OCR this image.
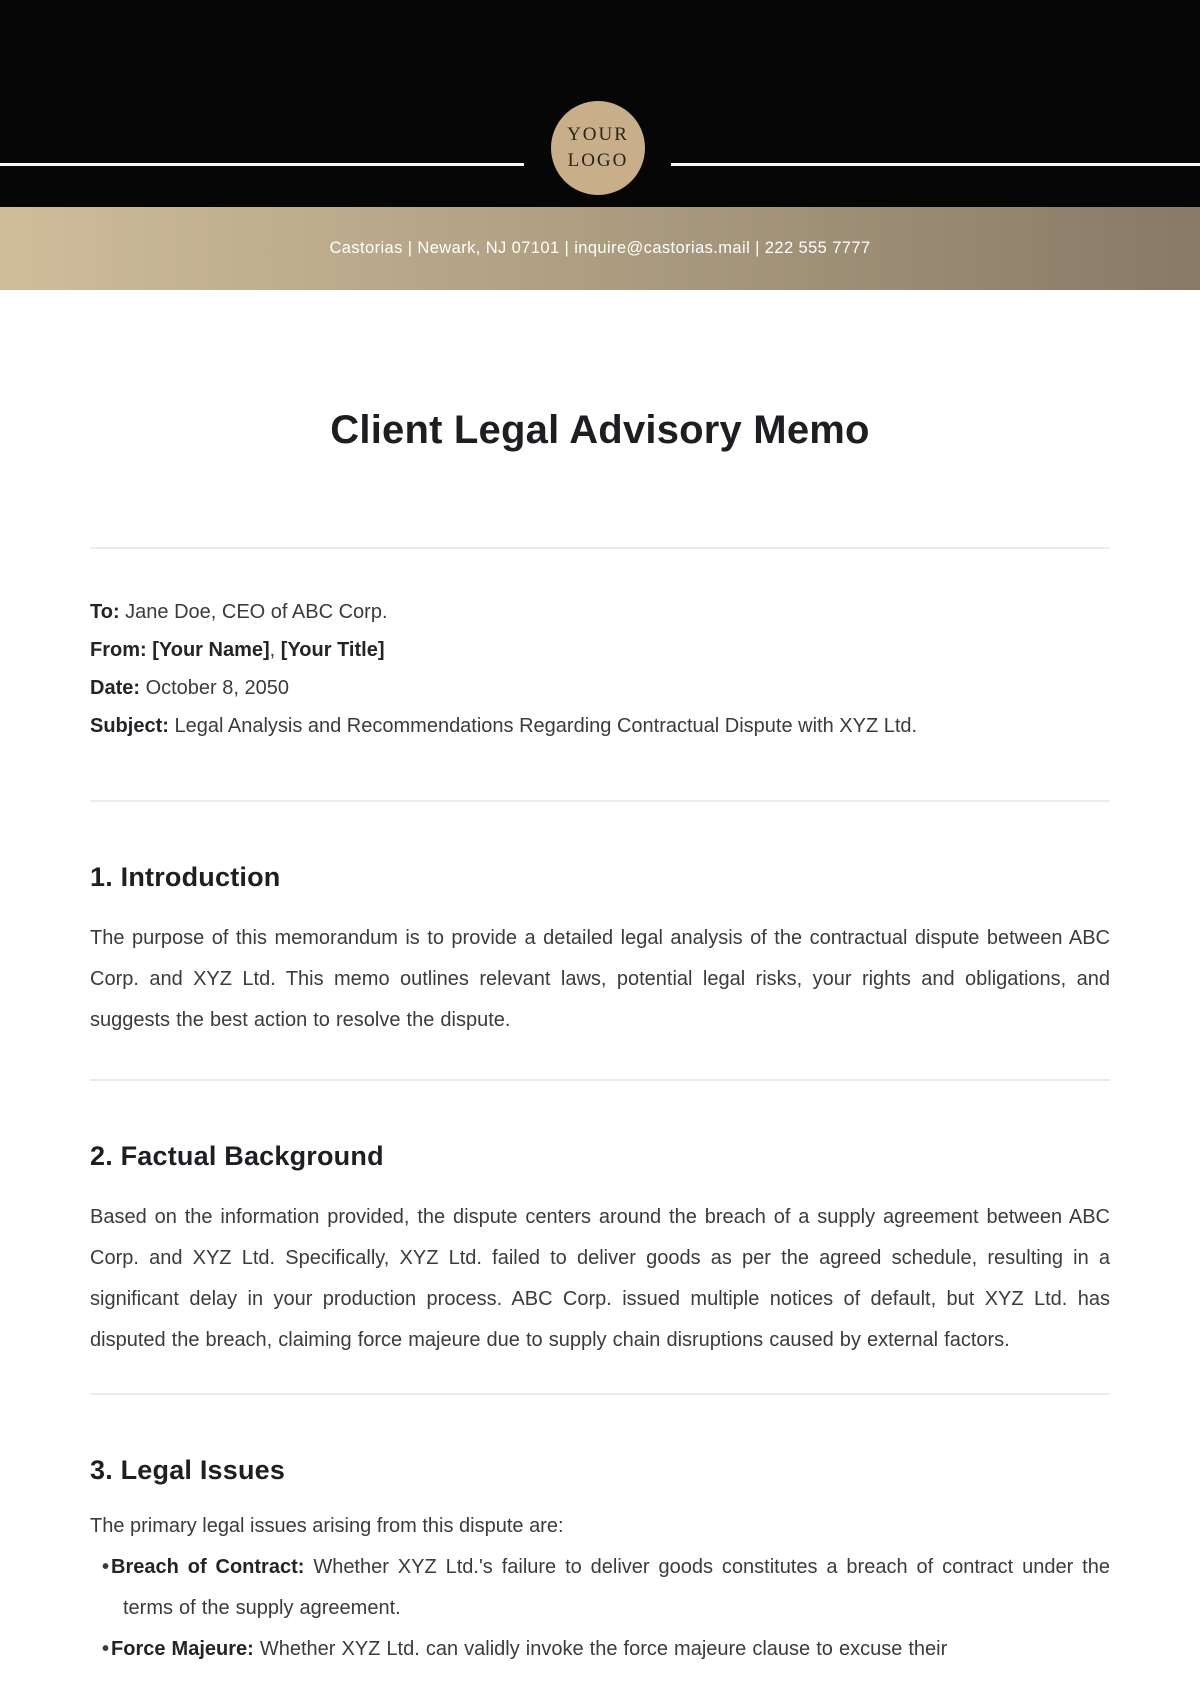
YOUR
LOGO
Castorias | Newark, NJ 07101 | inquire@castorias.mail | 222 555 7777
Client Legal Advisory Memo
To: Jane Doe, CEO of ABC Corp.
From: [Your Name], [Your Title]
Date: October 8, 2050
Subject: Legal Analysis and Recommendations Regarding Contractual Dispute with XYZ Ltd.
1. Introduction

The purpose of this memorandum is to provide a detailed legal analysis of the contractual dispute between ABC Corp. and XYZ Ltd. This memo outlines relevant laws, potential legal risks, your rights and obligations, and suggests the best action to resolve the dispute.

2. Factual Background

Based on the information provided, the dispute centers around the breach of a supply agreement between ABC Corp. and XYZ Ltd. Specifically, XYZ Ltd. failed to deliver goods as per the agreed schedule, resulting in a significant delay in your production process. ABC Corp. issued multiple notices of default, but XYZ Ltd. has disputed the breach, claiming force majeure due to supply chain disruptions caused by external factors.

3. Legal Issues

The primary legal issues arising from this dispute are:

• Breach of Contract: Whether XYZ Ltd.'s failure to deliver goods constitutes a breach of contract under the terms of the supply agreement.
• Force Majeure: Whether XYZ Ltd. can validly invoke the force majeure clause to excuse their
